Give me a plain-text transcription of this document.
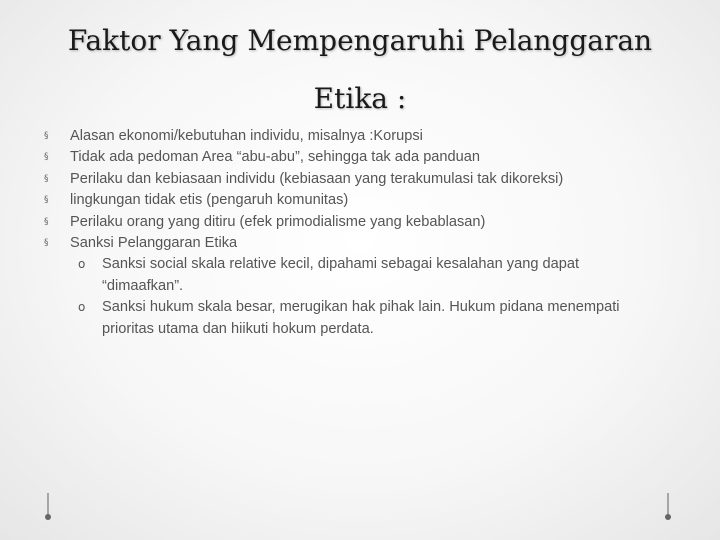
Faktor Yang Mempengaruhi Pelanggaran
Etika :
§ Alasan ekonomi/kebutuhan individu, misalnya :Korupsi
§ Tidak ada pedoman Area “abu-abu”, sehingga tak ada panduan
§ Perilaku dan kebiasaan individu (kebiasaan yang terakumulasi tak dikoreksi)
§ lingkungan tidak etis (pengaruh komunitas)
§ Perilaku orang yang ditiru (efek primodialisme yang kebablasan)
§ Sanksi Pelanggaran Etika
o Sanksi social skala relative kecil, dipahami sebagai kesalahan yang dapat
“dimaafkan”.
o Sanksi hukum skala besar, merugikan hak pihak lain. Hukum pidana menempati
prioritas utama dan hiikuti hokum perdata.
